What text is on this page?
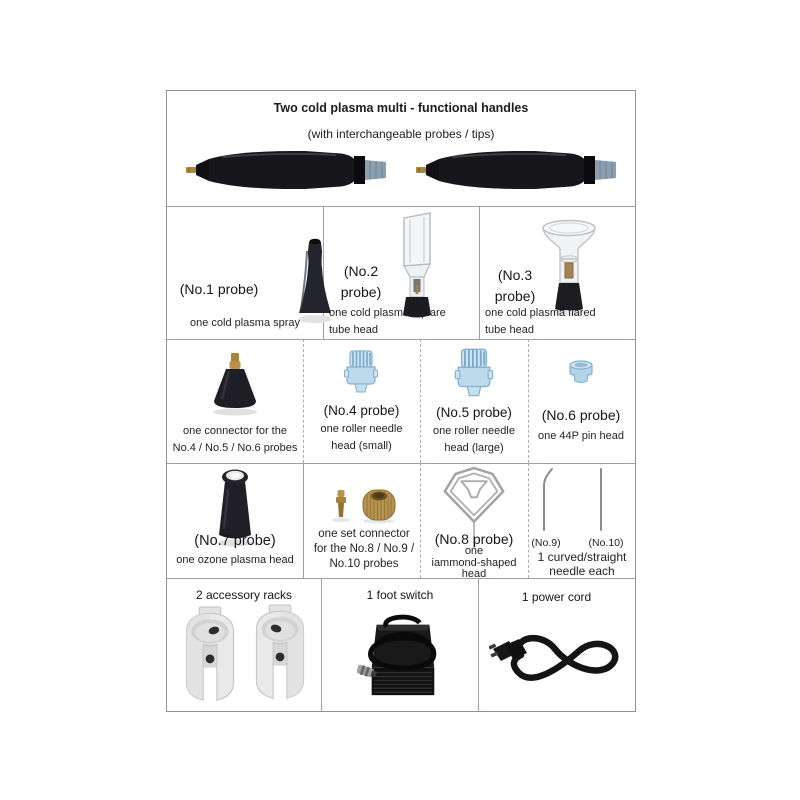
Two cold plasma multi - functional handles
(with interchangeable probes / tips)
(No.1 probe)
one cold plasma spray
(No.2 probe)
one cold plasma square
tube head
(No.3 probe)
one cold plasma flared
tube head
one connector for the
No.4 / No.5 / No.6 probes
(No.4 probe)
one roller needle
head (small)
(No.5 probe)
one roller needle
head (large)
(No.6 probe)
one 44P pin head
(No.7 probe)
one ozone plasma head
one set connector
for the No.8 / No.9 /
No.10 probes
(No.8 probe)
one
iammond-shaped
head
(No.9)	(No.10)
1 curved/straight
needle each
2 accessory racks	1 foot switch	1 power cord
